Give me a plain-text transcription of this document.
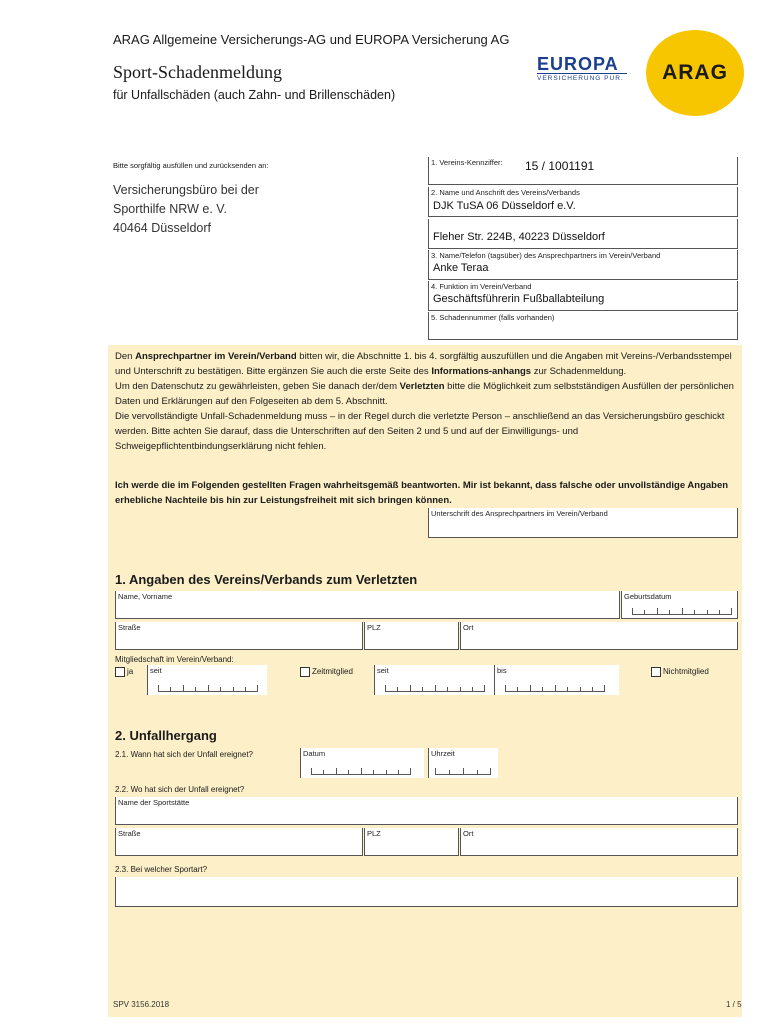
ARAG Allgemeine Versicherungs-AG und EUROPA Versicherung AG
Sport-Schadenmeldung
für Unfallschäden (auch Zahn- und Brillenschäden)
EUROPA
VERSICHERUNG PUR. ARAG
Bitte sorgfältig ausfüllen und zurücksenden an:
Versicherungsbüro bei der
Sporthilfe NRW e. V.
40464 Düsseldorf
1. Vereins-Kennziffer: 15 / 1001191
2. Name und Anschrift des Vereins/Verbands
DJK TuSA 06 Düsseldorf e.V.
Fleher Str. 224B, 40223 Düsseldorf
3. Name/Telefon (tagsüber) des Ansprechpartners im Verein/Verband
Anke Teraa
4. Funktion im Verein/Verband
Geschäftsführerin Fußballabteilung
5. Schadennummer (falls vorhanden)

Den Ansprechpartner im Verein/Verband bitten wir, die Abschnitte 1. bis 4. sorgfältig auszufüllen und die Angaben mit Vereins-/Verbandsstempel und Unterschrift zu bestätigen. Bitte ergänzen Sie auch die erste Seite des Informations-anhangs zur Schadenmeldung.

Um den Datenschutz zu gewährleisten, geben Sie danach der/dem Verletzten bitte die Möglichkeit zum selbstständigen Ausfüllen der persönlichen Daten und Erklärungen auf den Folgeseiten ab dem 5. Abschnitt.

Die vervollständigte Unfall-Schadenmeldung muss – in der Regel durch die verletzte Person – anschließend an das Versicherungsbüro geschickt werden. Bitte achten Sie darauf, dass die Unterschriften auf den Seiten 2 und 5 und auf der Einwilligungs- und Schweigepflichtentbindungserklärung nicht fehlen.

Ich werde die im Folgenden gestellten Fragen wahrheitsgemäß beantworten. Mir ist bekannt, dass falsche oder unvollständige Angaben erhebliche Nachteile bis hin zur Leistungsfreiheit mit sich bringen können.
Unterschrift des Ansprechpartners im Verein/Verband
1. Angaben des Vereins/Verbands zum Verletzten
Name, Vorname	Geburtsdatum
Straße	PLZ	Ort
Mitgliedschaft im Verein/Verband:
ja seit	Zeitmitglied	seit	bis	Nichtmitglied
2. Unfallhergang
2.1. Wann hat sich der Unfall ereignet?	Datum	Uhrzeit
2.2. Wo hat sich der Unfall ereignet?
Name der Sportstätte
Straße	PLZ	Ort
2.3. Bei welcher Sportart?
SPV 3156.2018	1 / 5
